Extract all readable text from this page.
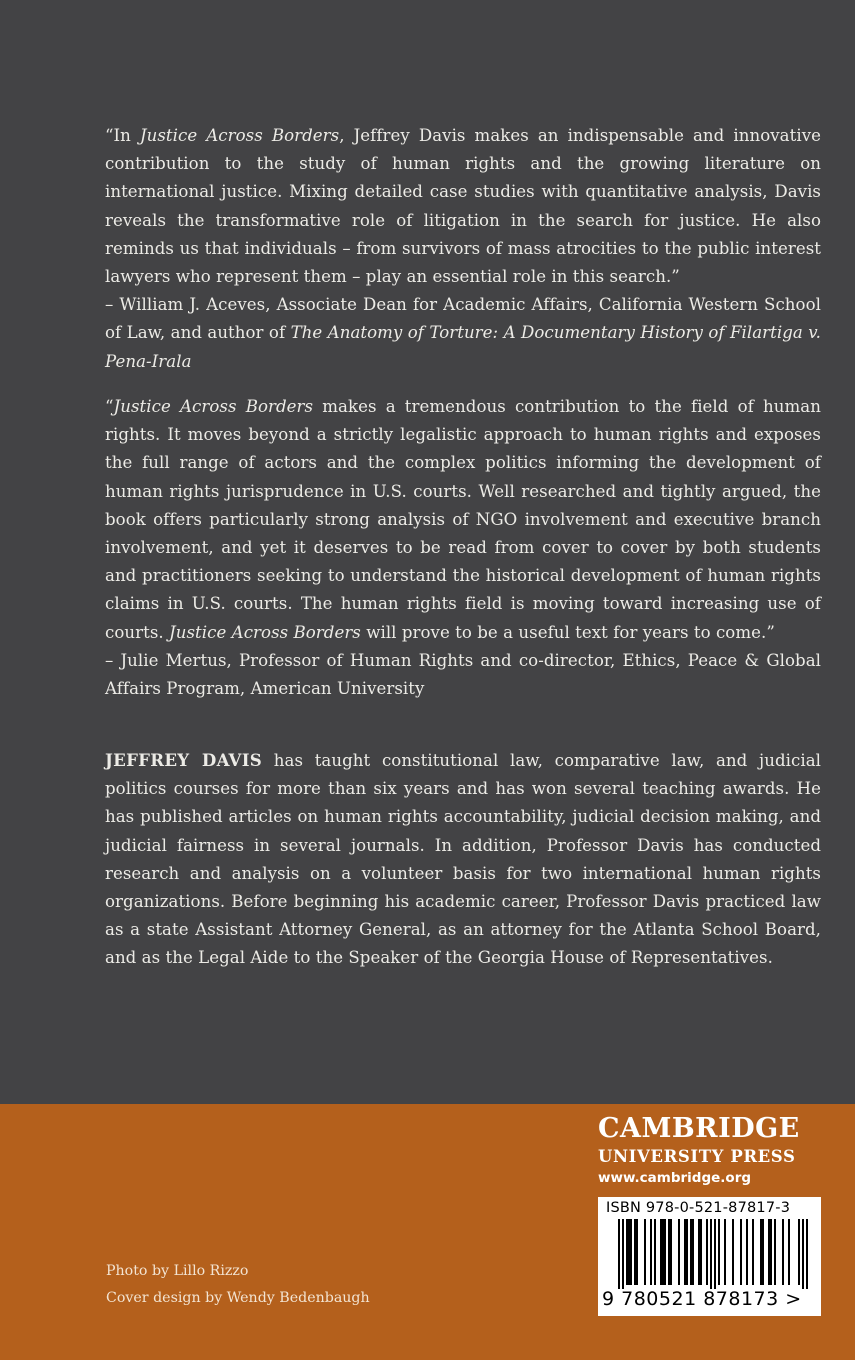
“In Justice Across Borders, Jeffrey Davis makes an indispensable and innovative contribution to the study of human rights and the growing literature on international justice. Mixing detailed case studies with quantitative analysis, Davis reveals the transformative role of litigation in the search for justice. He also reminds us that individuals – from survivors of mass atrocities to the public interest lawyers who represent them – play an essential role in this search.”

– William J. Aceves, Associate Dean for Academic Affairs, California Western School of Law, and author of The Anatomy of Torture: A Documentary History of Filartiga v. Pena-Irala

“Justice Across Borders makes a tremendous contribution to the field of human rights. It moves beyond a strictly legalistic approach to human rights and exposes the full range of actors and the complex politics informing the development of human rights jurisprudence in U.S. courts. Well researched and tightly argued, the book offers particularly strong analysis of NGO involvement and executive branch involvement, and yet it deserves to be read from cover to cover by both students and practitioners seeking to understand the historical development of human rights claims in U.S. courts. The human rights field is moving toward increasing use of courts. Justice Across Borders will prove to be a useful text for years to come.”

– Julie Mertus, Professor of Human Rights and co-director, Ethics, Peace & Global Affairs Program, American University

JEFFREY DAVIS has taught constitutional law, comparative law, and judicial politics courses for more than six years and has won several teaching awards. He has published articles on human rights accountability, judicial decision making, and judicial fairness in several journals. In addition, Professor Davis has conducted research and analysis on a volunteer basis for two international human rights organizations. Before beginning his academic career, Professor Davis practiced law as a state Assistant Attorney General, as an attorney for the Atlanta School Board, and as the Legal Aide to the Speaker of the Georgia House of Representatives.

CAMBRIDGE
UNIVERSITY PRESS
www.cambridge.org
ISBN 978-0-521-87817-3
9 780521 878173 >
Photo by Lillo Rizzo
Cover design by Wendy Bedenbaugh
